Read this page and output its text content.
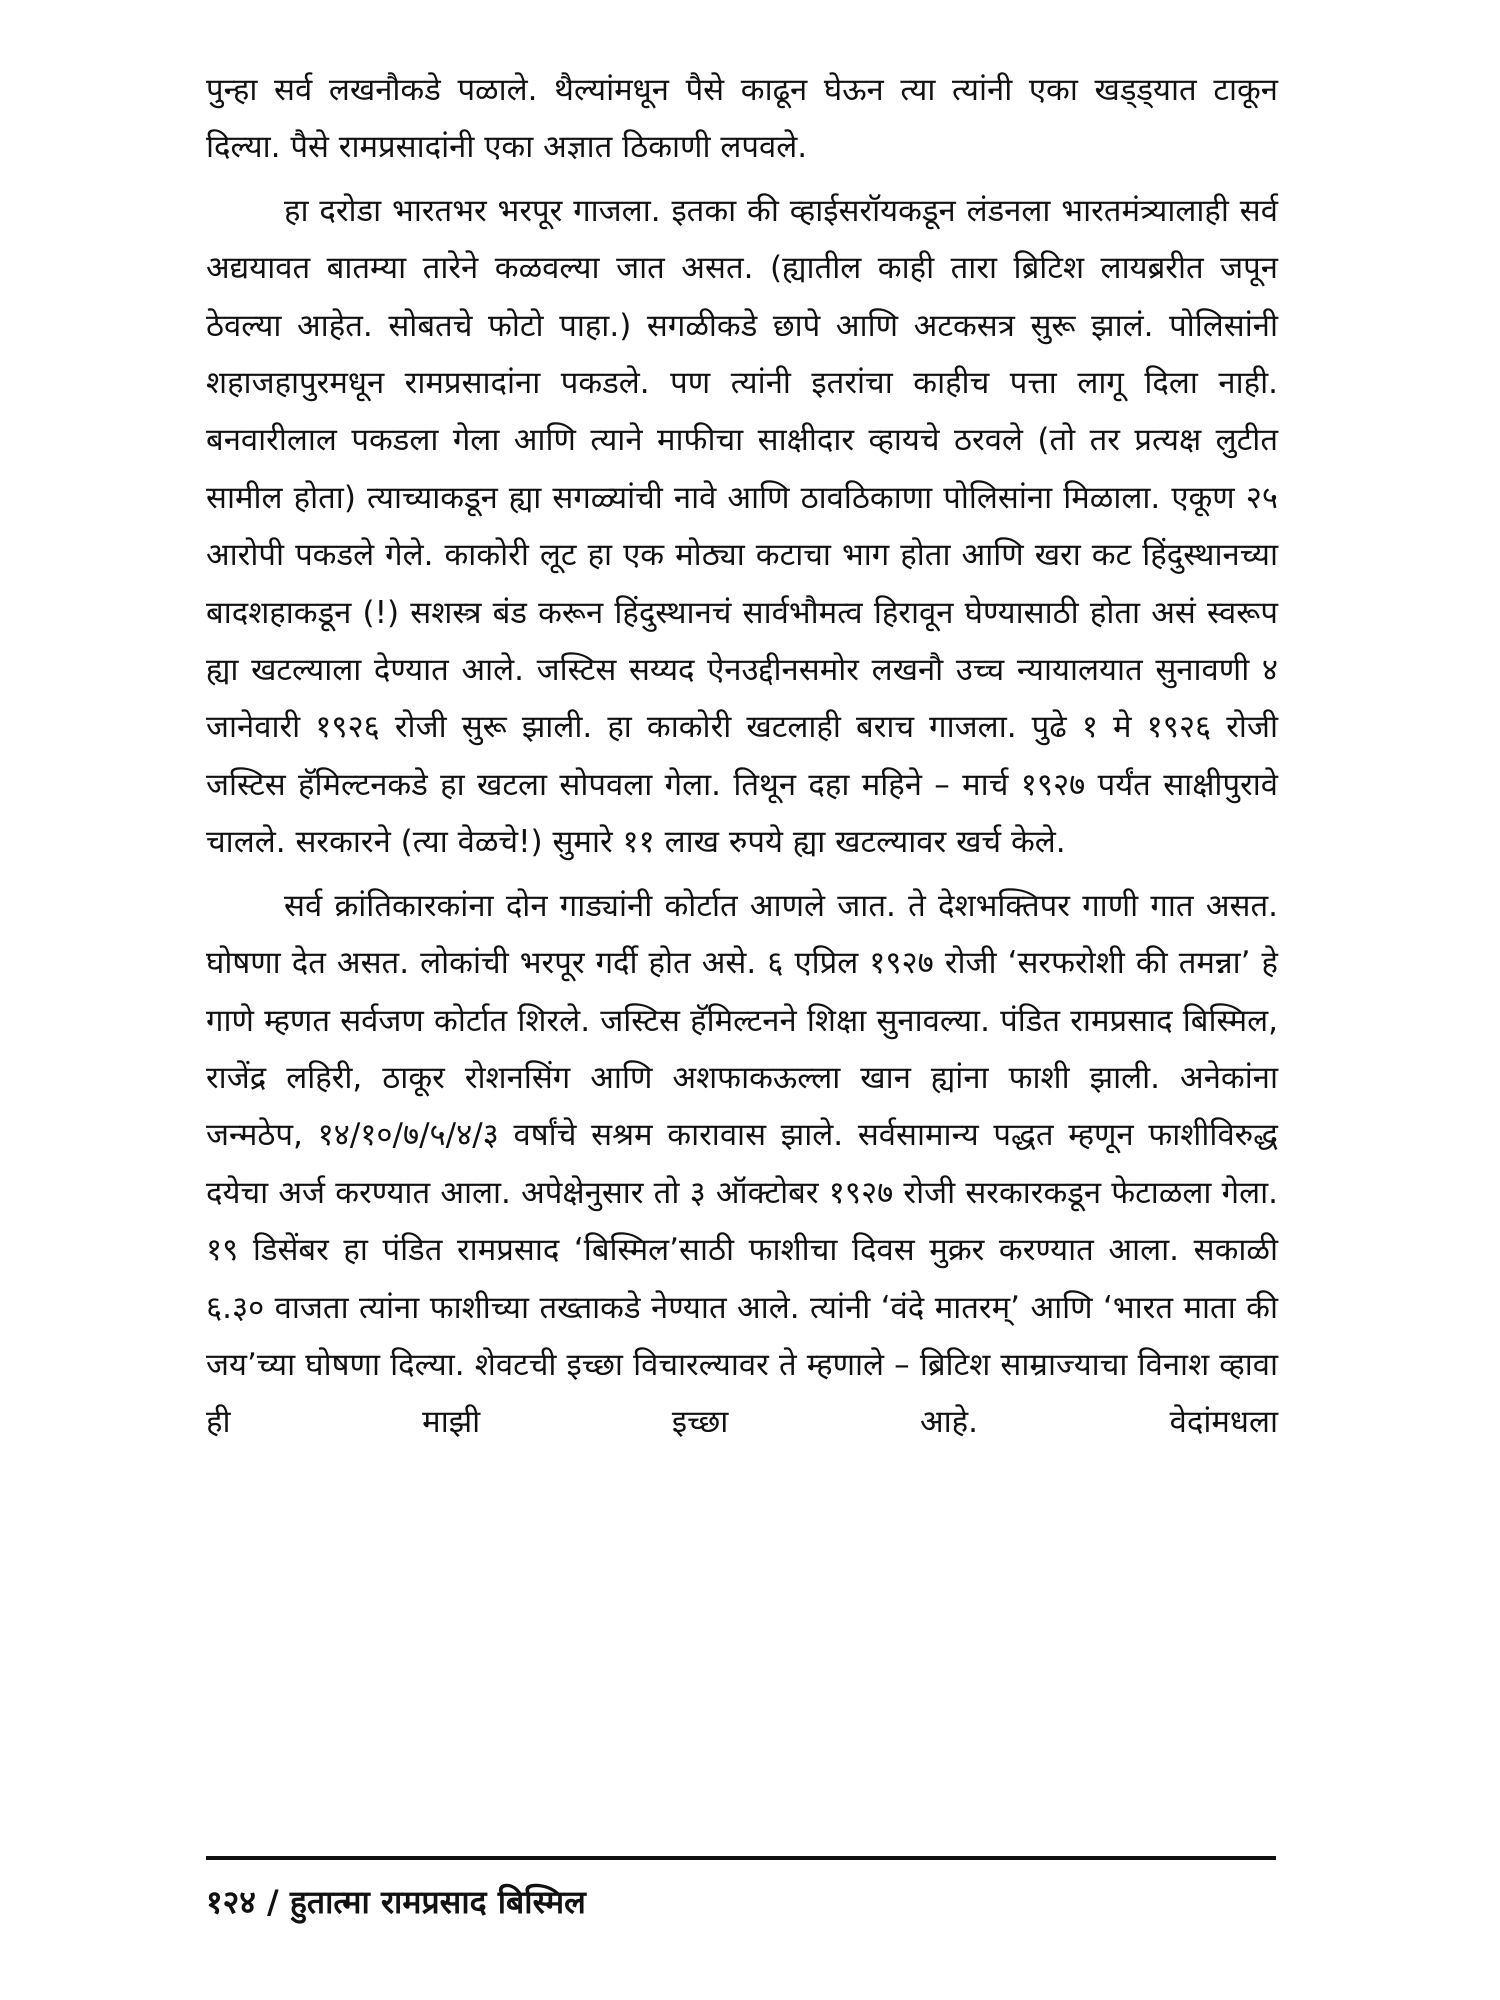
पुन्हा सर्व लखनौकडे पळाले. थैल्यांमधून पैसे काढून घेऊन त्या त्यांनी एका खड्ड्यात टाकून दिल्या. पैसे रामप्रसादांनी एका अज्ञात ठिकाणी लपवले.

हा दरोडा भारतभर भरपूर गाजला. इतका की व्हाईसरॉयकडून लंडनला भारतमंत्र्यालाही सर्व अद्ययावत बातम्या तारेने कळवल्या जात असत. (ह्यातील काही तारा ब्रिटिश लायब्ररीत जपून ठेवल्या आहेत. सोबतचे फोटो पाहा.) सगळीकडे छापे आणि अटकसत्र सुरू झालं. पोलिसांनी शहाजहापुरमधून रामप्रसादांना पकडले. पण त्यांनी इतरांचा काहीच पत्ता लागू दिला नाही. बनवारीलाल पकडला गेला आणि त्याने माफीचा साक्षीदार व्हायचे ठरवले (तो तर प्रत्यक्ष लुटीत सामील होता) त्याच्याकडून ह्या सगळ्यांची नावे आणि ठावठिकाणा पोलिसांना मिळाला. एकूण २५ आरोपी पकडले गेले. काकोरी लूट हा एक मोठ्या कटाचा भाग होता आणि खरा कट हिंदुस्थानच्या बादशहाकडून (!) सशस्त्र बंड करून हिंदुस्थानचं सार्वभौमत्व हिरावून घेण्यासाठी होता असं स्वरूप ह्या खटल्याला देण्यात आले. जस्टिस सय्यद ऐनउद्दीनसमोर लखनौ उच्च न्यायालयात सुनावणी ४ जानेवारी १९२६ रोजी सुरू झाली. हा काकोरी खटलाही बराच गाजला. पुढे १ मे १९२६ रोजी जस्टिस हॅमिल्टनकडे हा खटला सोपवला गेला. तिथून दहा महिने – मार्च १९२७ पर्यंत साक्षीपुरावे चालले. सरकारने (त्या वेळचे!) सुमारे ११ लाख रुपये ह्या खटल्यावर खर्च केले.

सर्व क्रांतिकारकांना दोन गाड्यांनी कोर्टात आणले जात. ते देशभक्तिपर गाणी गात असत. घोषणा देत असत. लोकांची भरपूर गर्दी होत असे. ६ एप्रिल १९२७ रोजी ‘सरफरोशी की तमन्ना’ हे गाणे म्हणत सर्वजण कोर्टात शिरले. जस्टिस हॅमिल्टनने शिक्षा सुनावल्या. पंडित रामप्रसाद बिस्मिल, राजेंद्र लहिरी, ठाकूर रोशनसिंग आणि अशफाकऊल्ला खान ह्यांना फाशी झाली. अनेकांना जन्मठेप, १४/१०/७/५/४/३ वर्षांचे सश्रम कारावास झाले. सर्वसामान्य पद्धत म्हणून फाशीविरुद्ध दयेचा अर्ज करण्यात आला. अपेक्षेनुसार तो ३ ऑक्टोबर १९२७ रोजी सरकारकडून फेटाळला गेला. १९ डिसेंबर हा पंडित रामप्रसाद ‘बिस्मिल’साठी फाशीचा दिवस मुक्रर करण्यात आला. सकाळी ६.३० वाजता त्यांना फाशीच्या तख्ताकडे नेण्यात आले. त्यांनी ‘वंदे मातरम्’ आणि ‘भारत माता की जय’च्या घोषणा दिल्या. शेवटची इच्छा विचारल्यावर ते म्हणाले – ब्रिटिश साम्राज्याचा विनाश व्हावा ही माझी इच्छा आहे. वेदांमधला

१२४ / हुतात्मा रामप्रसाद बिस्मिल
